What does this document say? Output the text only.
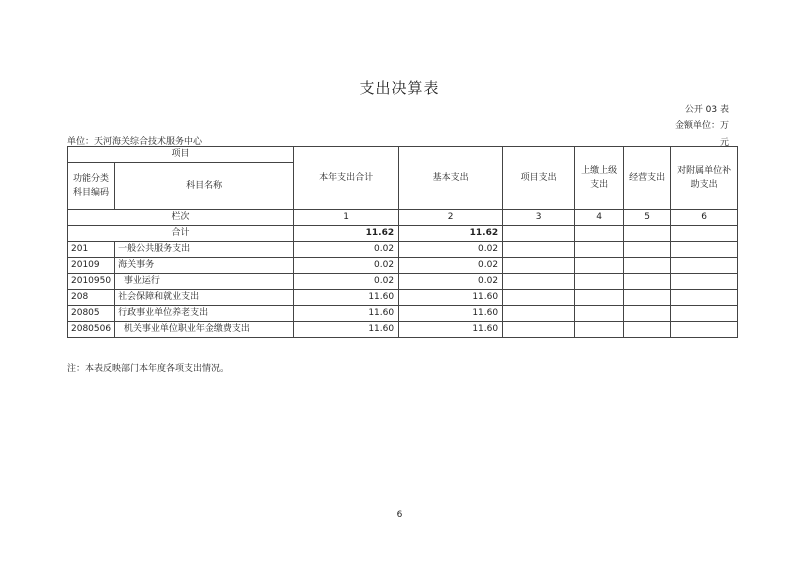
支出决算表
公开 03 表
金额单位：万元
单位：天河海关综合技术服务中心
项目		本年支出合计	基本支出	项目支出	上缴上级支出	经营支出	对附属单位补助支出
功能分类科目编码	科目名称						
栏次		1	2	3	4	5	6
合计		11.62	11.62				
201	一般公共服务支出	0.02	0.02				
20109	海关事务	0.02	0.02				
2010950	事业运行	0.02	0.02				
208	社会保障和就业支出	11.60	11.60				
20805	行政事业单位养老支出	11.60	11.60				
2080506	机关事业单位职业年金缴费支出	11.60	11.60				
注：本表反映部门本年度各项支出情况。
6
